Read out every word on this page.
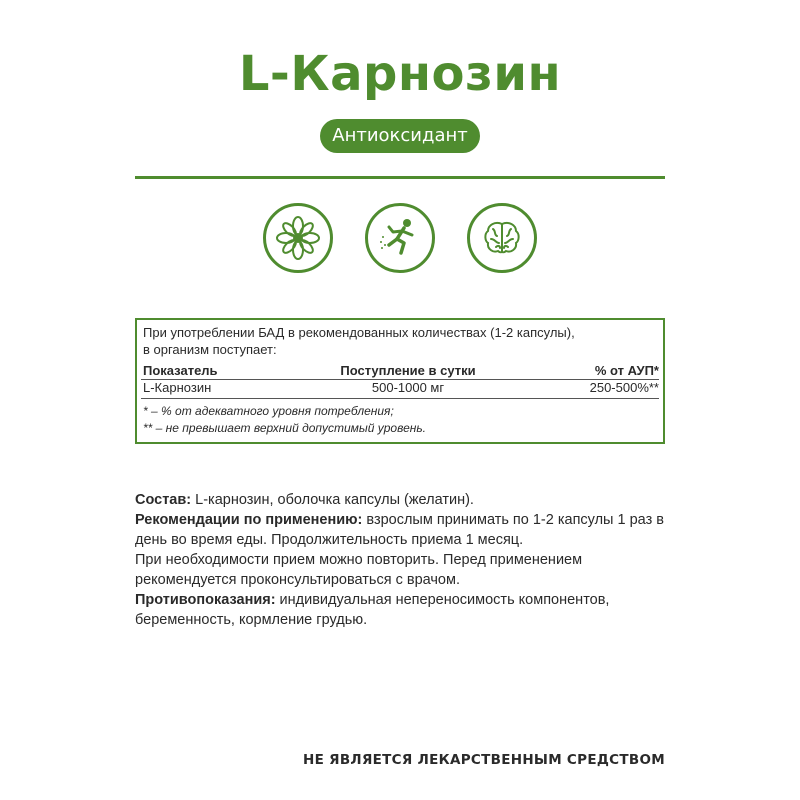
L-Карнозин
Антиоксидант
При употреблении БАД в рекомендованных количествах (1-2 капсулы),
в организм поступает:
Показатель	Поступление в сутки	% от АУП*
L-Карнозин	500-1000 мг	250-500%**
* – % от адекватного уровня потребления;
** – не превышает верхний допустимый уровень.

Состав: L-карнозин, оболочка капсулы (желатин).

Рекомендации по применению: взрослым принимать по 1-2 капсулы 1 раз в день во время еды. Продолжительность приема 1 месяц.

При необходимости прием можно повторить. Перед применением рекомендуется проконсультироваться с врачом.

Противопоказания: индивидуальная непереносимость компонентов, беременность, кормление грудью.

НЕ ЯВЛЯЕТСЯ ЛЕКАРСТВЕННЫМ СРЕДСТВОМ
